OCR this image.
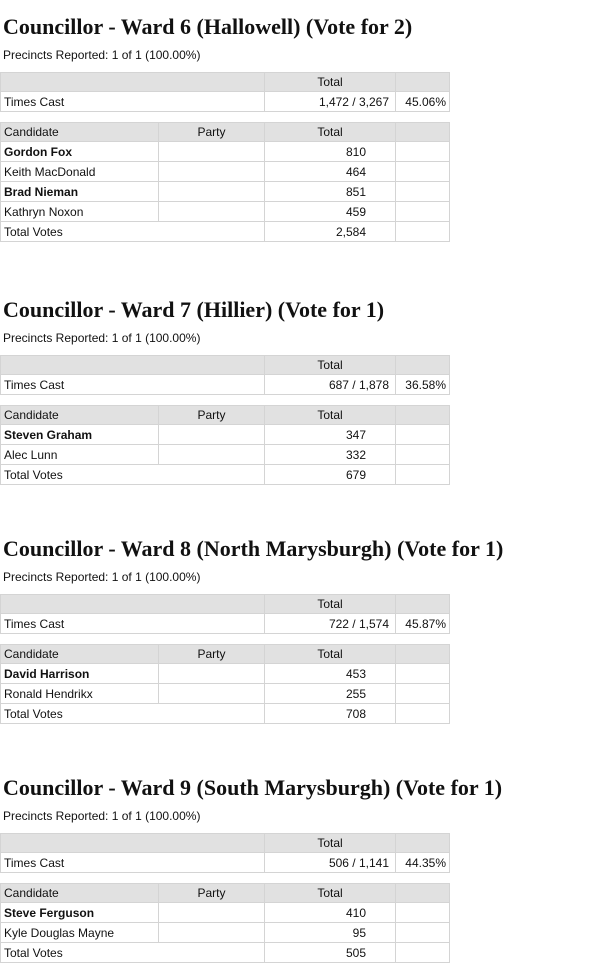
Councillor - Ward 6 (Hallowell) (Vote for 2)
Precincts Reported: 1 of 1 (100.00%)
	Total	
Times Cast	1,472 / 3,267	45.06%
Candidate	Party	Total	
Gordon Fox		810	
Keith MacDonald		464	
Brad Nieman		851	
Kathryn Noxon		459	
Total Votes		2,584	
Councillor - Ward 7 (Hillier) (Vote for 1)
Precincts Reported: 1 of 1 (100.00%)
	Total	
Times Cast	687 / 1,878	36.58%
Candidate	Party	Total	
Steven Graham		347	
Alec Lunn		332	
Total Votes		679	
Councillor - Ward 8 (North Marysburgh) (Vote for 1)
Precincts Reported: 1 of 1 (100.00%)
	Total	
Times Cast	722 / 1,574	45.87%
Candidate	Party	Total	
David Harrison		453	
Ronald Hendrikx		255	
Total Votes		708	
Councillor - Ward 9 (South Marysburgh) (Vote for 1)
Precincts Reported: 1 of 1 (100.00%)
	Total	
Times Cast	506 / 1,141	44.35%
Candidate	Party	Total	
Steve Ferguson		410	
Kyle Douglas Mayne		95	
Total Votes		505	
